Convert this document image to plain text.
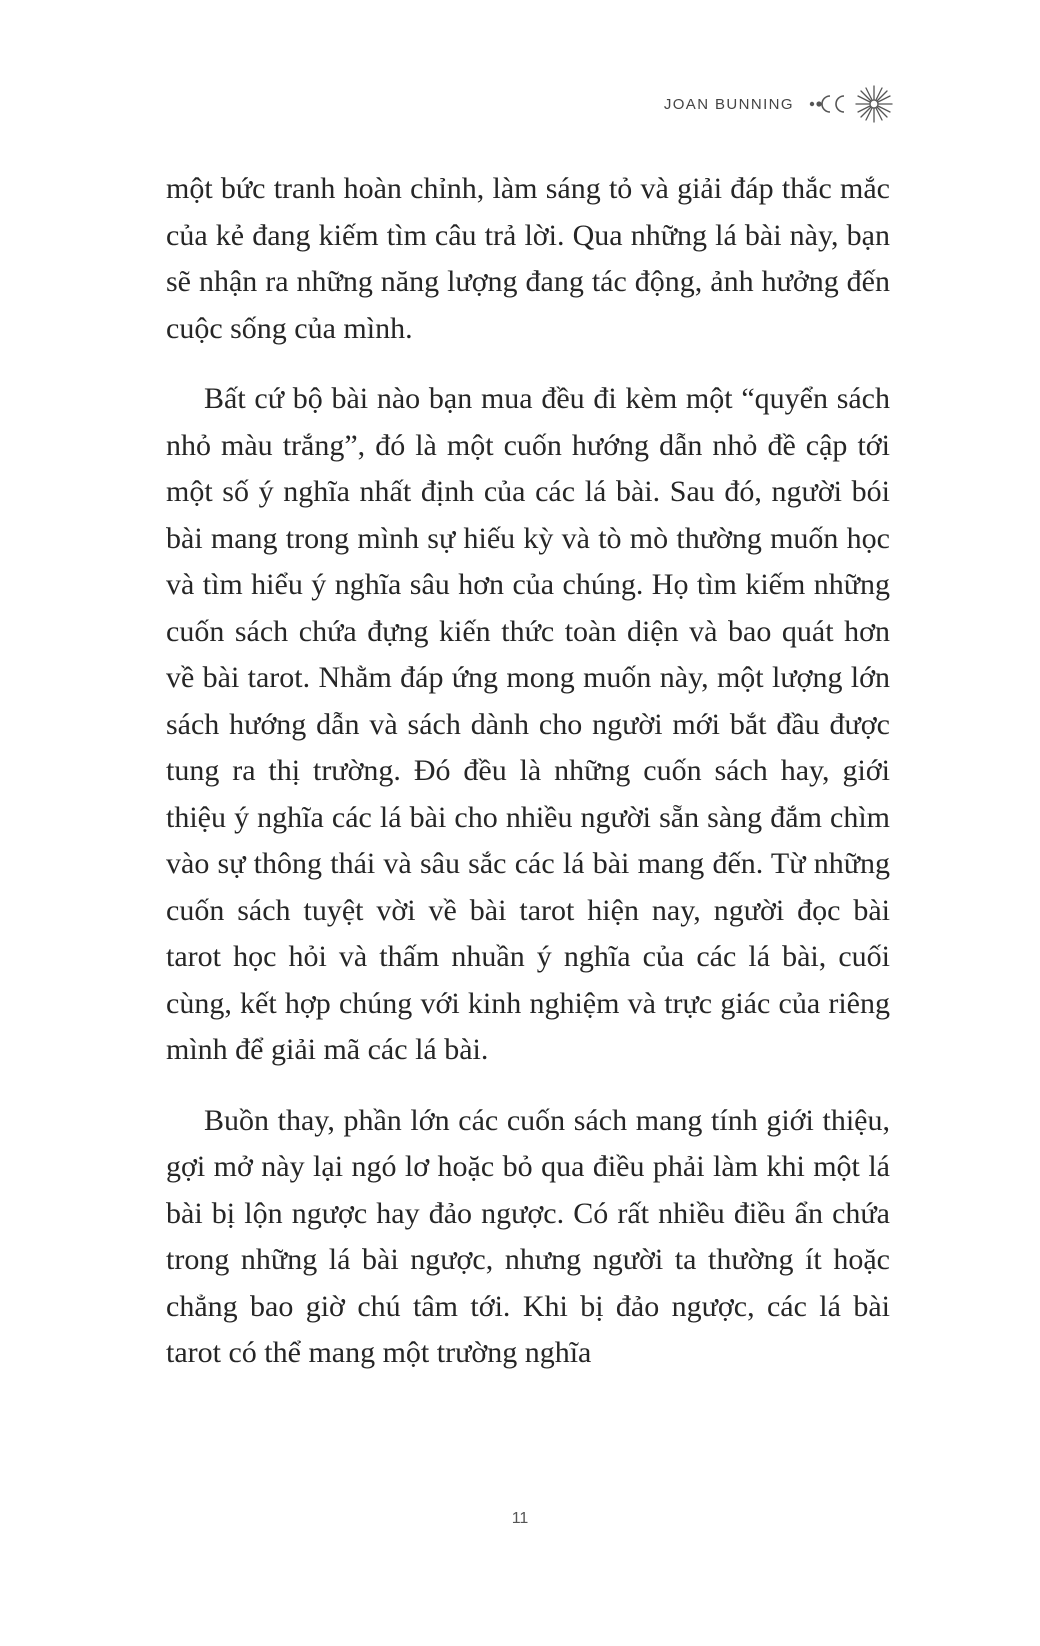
JOAN BUNNING

một bức tranh hoàn chỉnh, làm sáng tỏ và giải đáp thắc mắc của kẻ đang kiếm tìm câu trả lời. Qua những lá bài này, bạn sẽ nhận ra những năng lượng đang tác động, ảnh hưởng đến cuộc sống của mình.

Bất cứ bộ bài nào bạn mua đều đi kèm một “quyển sách nhỏ màu trắng”, đó là một cuốn hướng dẫn nhỏ đề cập tới một số ý nghĩa nhất định của các lá bài. Sau đó, người bói bài mang trong mình sự hiếu kỳ và tò mò thường muốn học và tìm hiểu ý nghĩa sâu hơn của chúng. Họ tìm kiếm những cuốn sách chứa đựng kiến thức toàn diện và bao quát hơn về bài tarot. Nhằm đáp ứng mong muốn này, một lượng lớn sách hướng dẫn và sách dành cho người mới bắt đầu được tung ra thị trường. Đó đều là những cuốn sách hay, giới thiệu ý nghĩa các lá bài cho nhiều người sẵn sàng đắm chìm vào sự thông thái và sâu sắc các lá bài mang đến. Từ những cuốn sách tuyệt vời về bài tarot hiện nay, người đọc bài tarot học hỏi và thấm nhuần ý nghĩa của các lá bài, cuối cùng, kết hợp chúng với kinh nghiệm và trực giác của riêng mình để giải mã các lá bài.

Buồn thay, phần lớn các cuốn sách mang tính giới thiệu, gợi mở này lại ngó lơ hoặc bỏ qua điều phải làm khi một lá bài bị lộn ngược hay đảo ngược. Có rất nhiều điều ẩn chứa trong những lá bài ngược, nhưng người ta thường ít hoặc chẳng bao giờ chú tâm tới. Khi bị đảo ngược, các lá bài tarot có thể mang một trường nghĩa

11
